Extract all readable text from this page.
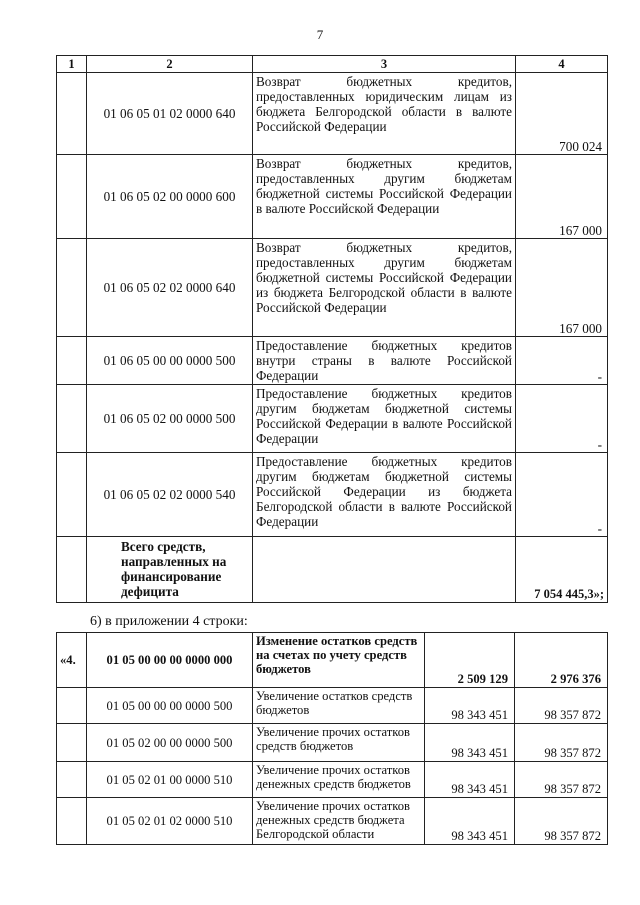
7
1	2	3	4
	01 06 05 01 02 0000 640	Возврат бюджетных кредитов, предоставленных юридическим лицам из бюджета Белгородской области в валюте Российской Федерации	700 024
	01 06 05 02 00 0000 600	Возврат бюджетных кредитов, предоставленных другим бюджетам бюджетной системы Российской Федерации в валюте Российской Федерации	167 000
	01 06 05 02 02 0000 640	Возврат бюджетных кредитов, предоставленных другим бюджетам бюджетной системы Российской Федерации из бюджета Белгородской области в валюте Российской Федерации	167 000
	01 06 05 00 00 0000 500	Предоставление бюджетных кредитов внутри страны в валюте Российской Федерации	-
	01 06 05 02 00 0000 500	Предоставление бюджетных кредитов другим бюджетам бюджетной системы Российской Федерации в валюте Российской Федерации	-
	01 06 05 02 02 0000 540	Предоставление бюджетных кредитов другим бюджетам бюджетной системы Российской Федерации из бюджета Белгородской области в валюте Российской Федерации	-
	Всего средств, направленных на финансирование дефицита		7 054 445,3»;
6) в приложении 4 строки:
«4.	01 05 00 00 00 0000 000	Изменение остатков средств на счетах по учету средств бюджетов	2 509 129	2 976 376
	01 05 00 00 00 0000 500	Увеличение остатков средств бюджетов	98 343 451	98 357 872
	01 05 02 00 00 0000 500	Увеличение прочих остатков средств бюджетов	98 343 451	98 357 872
	01 05 02 01 00 0000 510	Увеличение прочих остатков денежных средств бюджетов	98 343 451	98 357 872
	01 05 02 01 02 0000 510	Увеличение прочих остатков денежных средств бюджета Белгородской области	98 343 451	98 357 872
